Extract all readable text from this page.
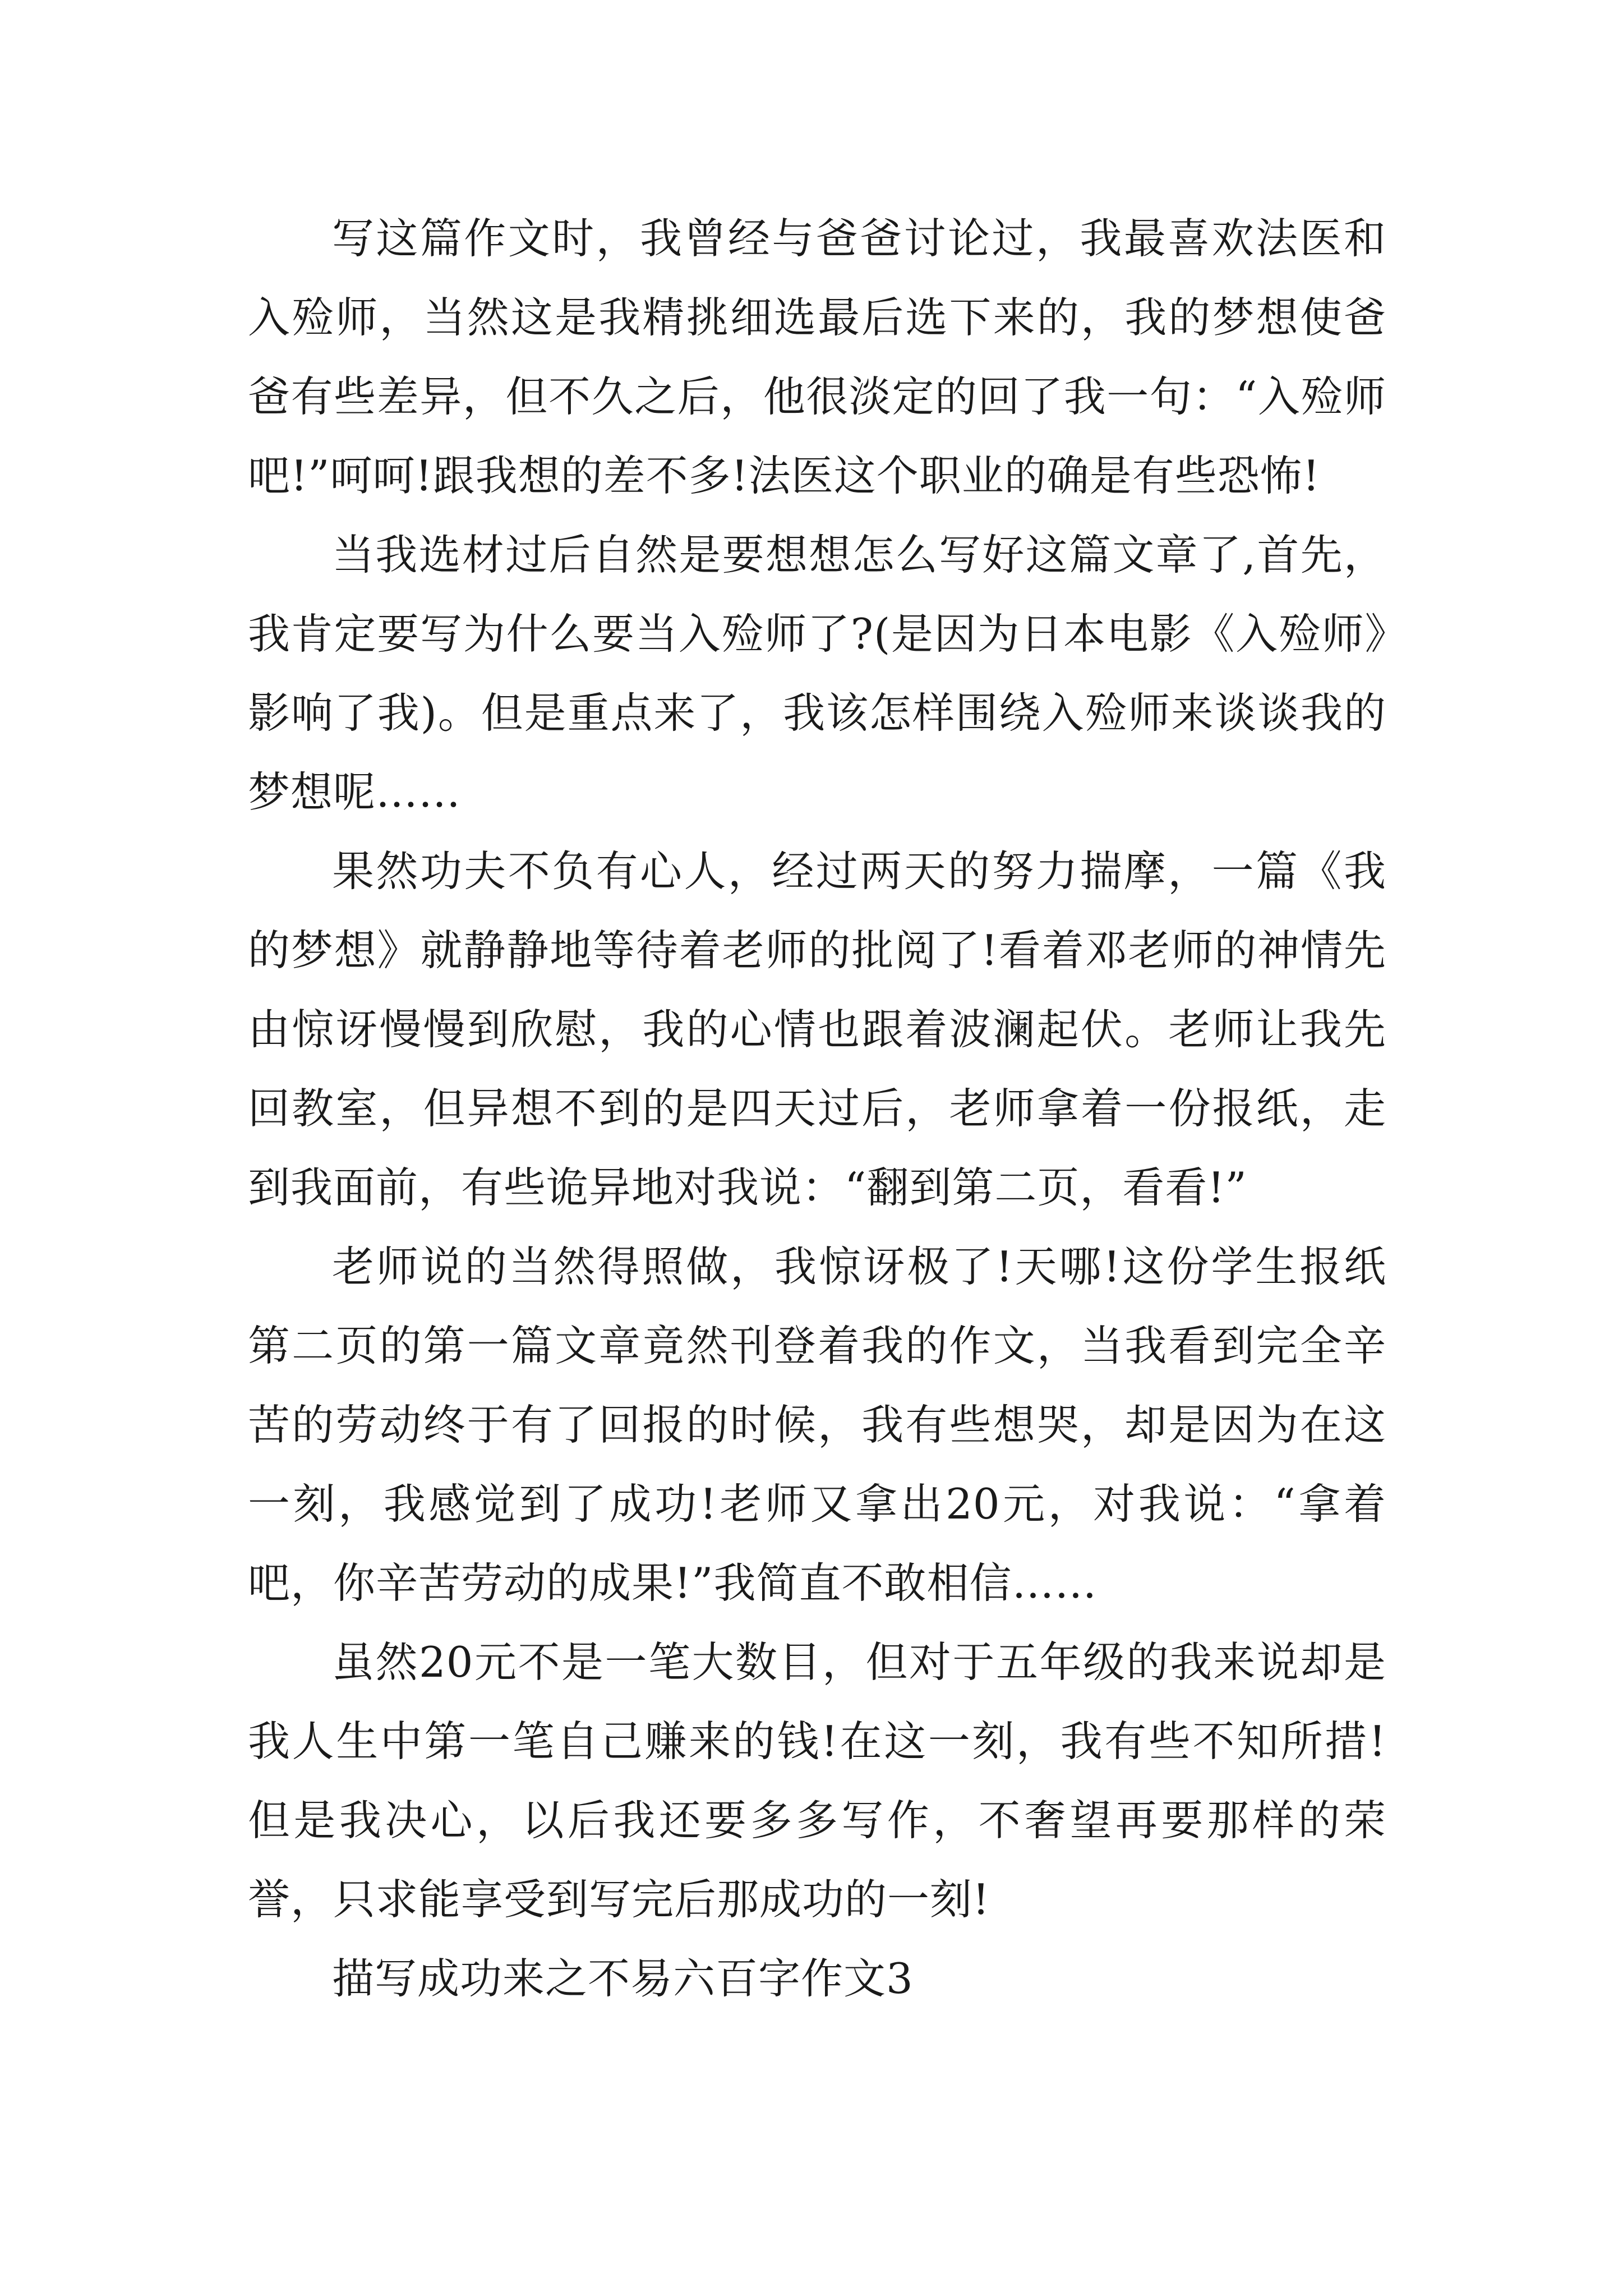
写这篇作文时，我曾经与爸爸讨论过，我最喜欢法医和入殓师，当然这是我精挑细选最后选下来的，我的梦想使爸爸有些差异，但不久之后，他很淡定的回了我一句：“入殓师吧!”呵呵!跟我想的差不多!法医这个职业的确是有些恐怖!

当我选材过后自然是要想想怎么写好这篇文章了,首先，我肯定要写为什么要当入殓师了?(是因为日本电影《入殓师》影响了我)。但是重点来了，我该怎样围绕入殓师来谈谈我的梦想呢……

果然功夫不负有心人，经过两天的努力揣摩，一篇《我的梦想》就静静地等待着老师的批阅了!看着邓老师的神情先由惊讶慢慢到欣慰，我的心情也跟着波澜起伏。老师让我先回教室，但异想不到的是四天过后，老师拿着一份报纸，走到我面前，有些诡异地对我说：“翻到第二页，看看!”

老师说的当然得照做，我惊讶极了!天哪!这份学生报纸第二页的第一篇文章竟然刊登着我的作文，当我看到完全辛苦的劳动终于有了回报的时候，我有些想哭，却是因为在这一刻，我感觉到了成功!老师又拿出20元，对我说：“拿着吧，你辛苦劳动的成果!”我简直不敢相信……

虽然20元不是一笔大数目，但对于五年级的我来说却是我人生中第一笔自己赚来的钱!在这一刻，我有些不知所措!但是我决心，以后我还要多多写作，不奢望再要那样的荣誉，只求能享受到写完后那成功的一刻!

描写成功来之不易六百字作文3
